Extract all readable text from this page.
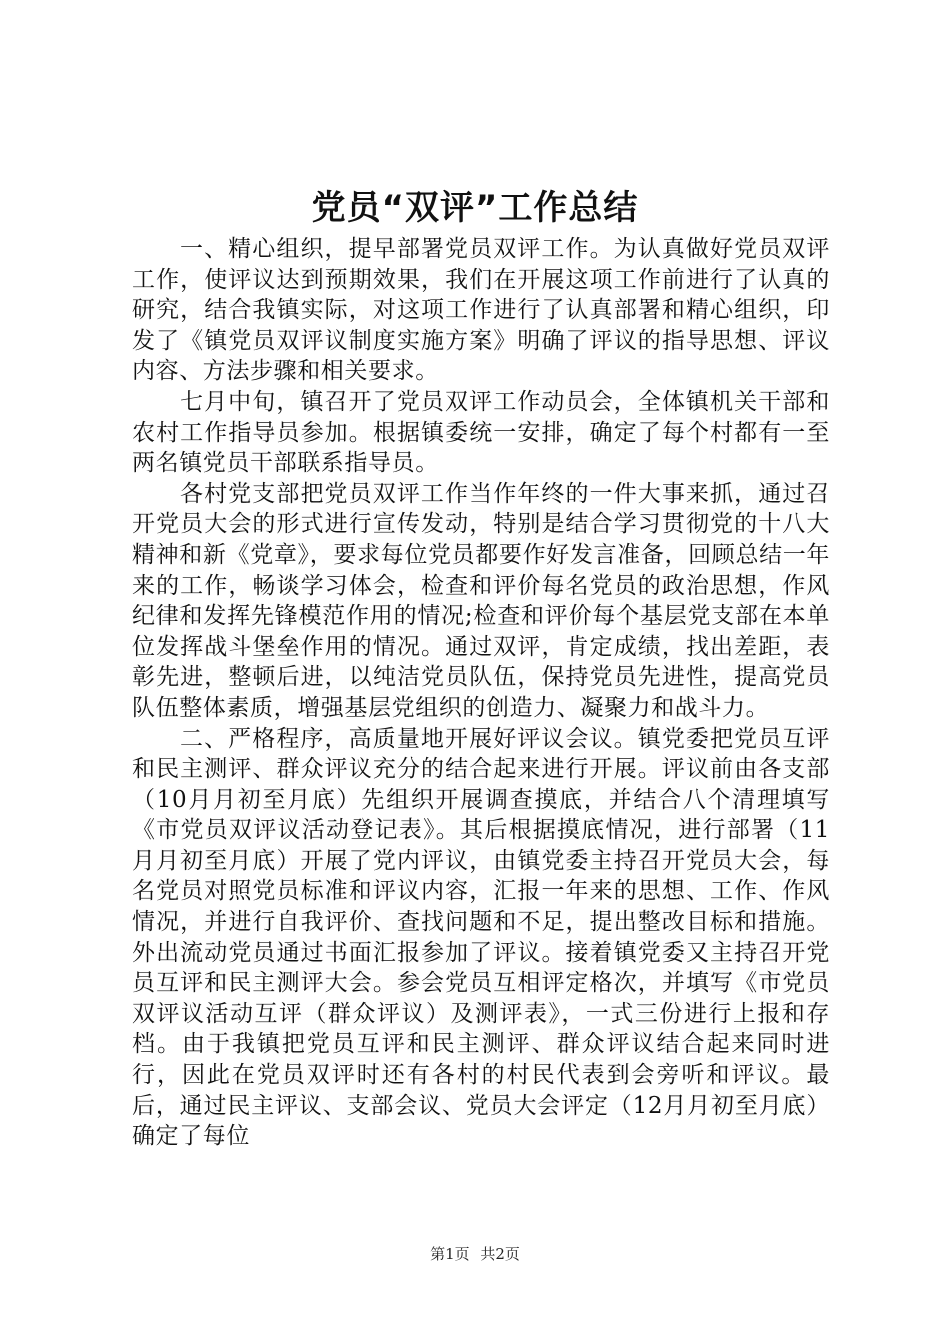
党员“双评”工作总结

一、精心组织，提早部署党员双评工作。为认真做好党员双评工作，使评议达到预期效果，我们在开展这项工作前进行了认真的研究，结合我镇实际，对这项工作进行了认真部署和精心组织，印发了《镇党员双评议制度实施方案》明确了评议的指导思想、评议内容、方法步骤和相关要求。

七月中旬，镇召开了党员双评工作动员会，全体镇机关干部和农村工作指导员参加。根据镇委统一安排，确定了每个村都有一至两名镇党员干部联系指导员。

各村党支部把党员双评工作当作年终的一件大事来抓，通过召开党员大会的形式进行宣传发动，特别是结合学习贯彻党的十八大精神和新《党章》，要求每位党员都要作好发言准备，回顾总结一年来的工作，畅谈学习体会，检查和评价每名党员的政治思想，作风纪律和发挥先锋模范作用的情况;检查和评价每个基层党支部在本单位发挥战斗堡垒作用的情况。通过双评，肯定成绩，找出差距，表彰先进，整顿后进，以纯洁党员队伍，保持党员先进性，提高党员队伍整体素质，增强基层党组织的创造力、凝聚力和战斗力。

二、严格程序，高质量地开展好评议会议。镇党委把党员互评和民主测评、群众评议充分的结合起来进行开展。评议前由各支部（10月月初至月底）先组织开展调查摸底，并结合八个清理填写《市党员双评议活动登记表》。其后根据摸底情况，进行部署（11月月初至月底）开展了党内评议，由镇党委主持召开党员大会，每名党员对照党员标准和评议内容，汇报一年来的思想、工作、作风情况，并进行自我评价、查找问题和不足，提出整改目标和措施。外出流动党员通过书面汇报参加了评议。接着镇党委又主持召开党员互评和民主测评大会。参会党员互相评定格次，并填写《市党员双评议活动互评（群众评议）及测评表》，一式三份进行上报和存档。由于我镇把党员互评和民主测评、群众评议结合起来同时进行，因此在党员双评时还有各村的村民代表到会旁听和评议。最后，通过民主评议、支部会议、党员大会评定（12月月初至月底）确定了每位

第1页 共2页
